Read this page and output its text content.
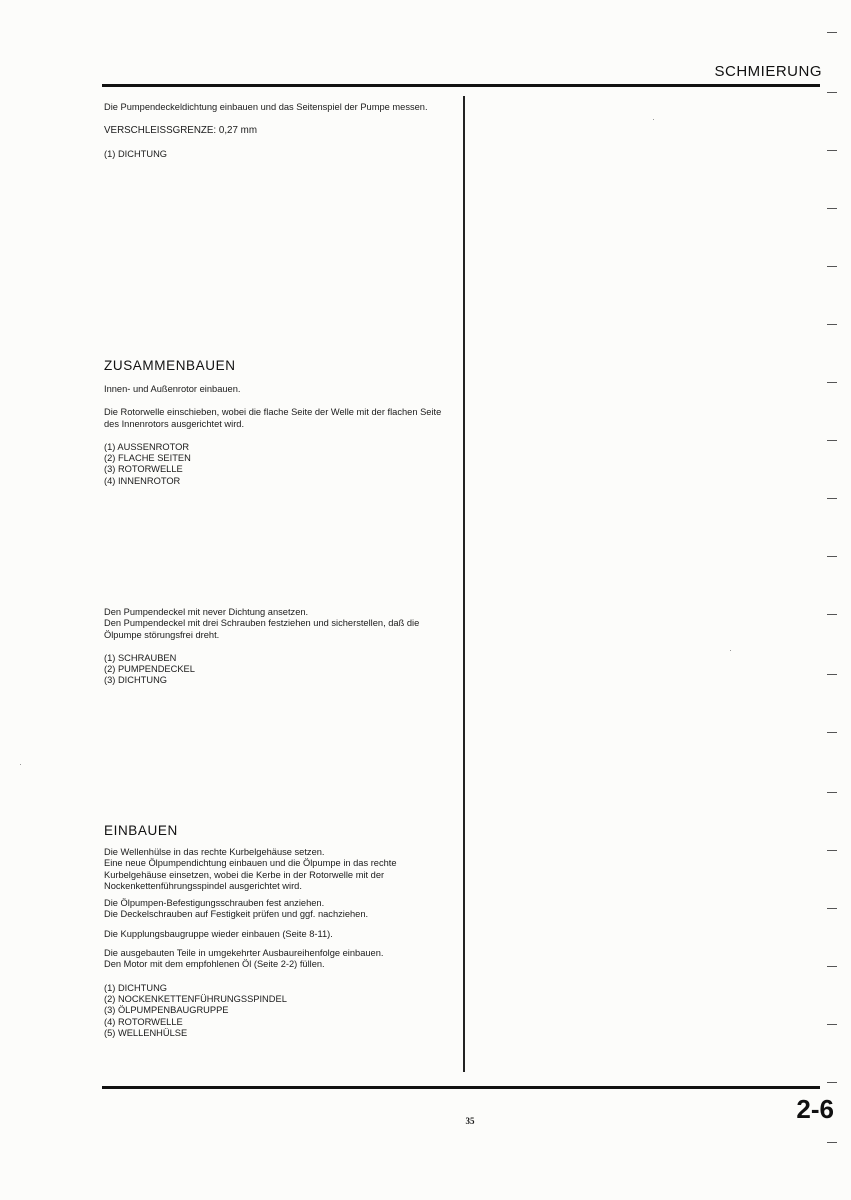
SCHMIERUNG

Die Pumpendeckeldichtung einbauen und das Seitenspiel der Pumpe messen.

VERSCHLEISSGRENZE: 0,27 mm

(1) DICHTUNG
ZUSAMMENBAUEN

Innen- und Außenrotor einbauen.

Die Rotorwelle einschieben, wobei die flache Seite der Welle mit der flachen Seite des Innenrotors ausgerichtet wird.

(1) AUSSENROTOR
(2) FLACHE SEITEN
(3) ROTORWELLE
(4) INNENROTOR

Den Pumpendeckel mit never Dichtung ansetzen.

Den Pumpendeckel mit drei Schrauben festziehen und sicherstellen, daß die Ölpumpe störungsfrei dreht.

(1) SCHRAUBEN
(2) PUMPENDECKEL
(3) DICHTUNG
EINBAUEN

Die Wellenhülse in das rechte Kurbelgehäuse setzen.

Eine neue Ölpumpendichtung einbauen und die Ölpumpe in das rechte Kurbelgehäuse einsetzen, wobei die Kerbe in der Rotorwelle mit der Nockenkettenführungsspindel ausgerichtet wird.

Die Ölpumpen-Befestigungsschrauben fest anziehen.

Die Deckelschrauben auf Festigkeit prüfen und ggf. nachziehen.

Die Kupplungsbaugruppe wieder einbauen (Seite 8-11).

Die ausgebauten Teile in umgekehrter Ausbaureihenfolge einbauen.

Den Motor mit dem empfohlenen Öl (Seite 2-2) füllen.

(1) DICHTUNG
(2) NOCKENKETTENFÜHRUNGSSPINDEL
(3) ÖLPUMPENBAUGRUPPE
(4) ROTORWELLE
(5) WELLENHÜLSE
35	2-6
